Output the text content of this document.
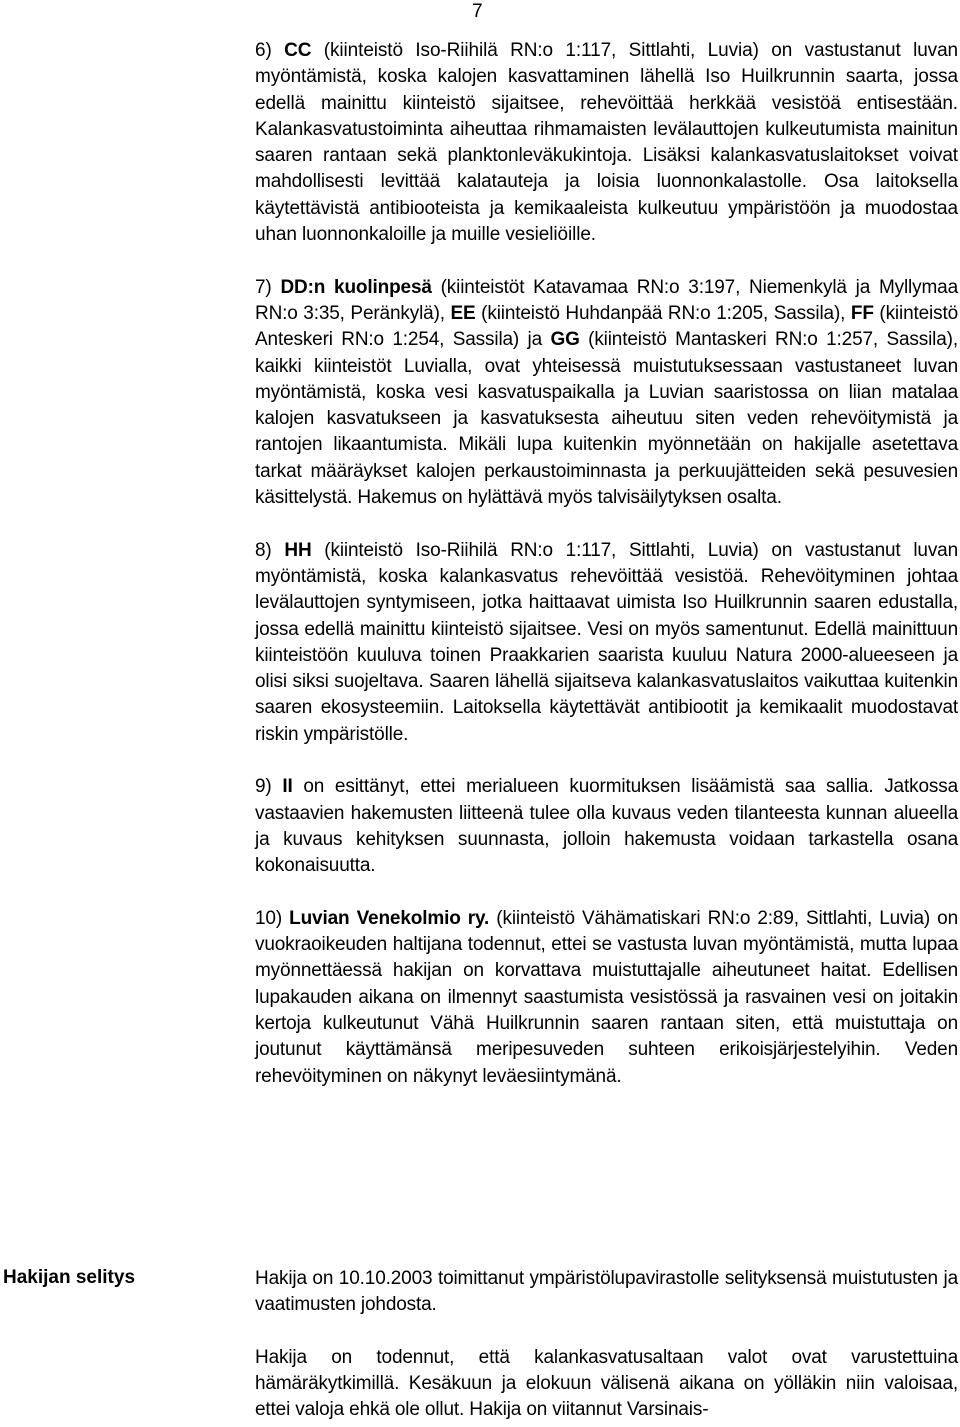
7

6) CC (kiinteistö Iso-Riihilä RN:o 1:117, Sittlahti, Luvia) on vastustanut luvan myöntämistä, koska kalojen kasvattaminen lähellä Iso Huilkrunnin saarta, jossa edellä mainittu kiinteistö sijaitsee, rehevöittää herkkää vesistöä entisestään. Kalankasvatustoiminta aiheuttaa rihmamaisten levälauttojen kulkeutumista mainitun saaren rantaan sekä planktonleväkukintoja. Lisäksi kalankasvatuslaitokset voivat mahdollisesti levittää kalatauteja ja loisia luonnonkalastolle. Osa laitoksella käytettävistä antibiooteista ja kemikaaleista kulkeutuu ympäristöön ja muodostaa uhan luonnonkaloille ja muille vesieliöille.

7) DD:n kuolinpesä (kiinteistöt Katavamaa RN:o 3:197, Niemenkylä ja Myllymaa RN:o 3:35, Peränkylä), EE (kiinteistö Huhdanpää RN:o 1:205, Sassila), FF (kiinteistö Anteskeri RN:o 1:254, Sassila) ja GG (kiinteistö Mantaskeri RN:o 1:257, Sassila), kaikki kiinteistöt Luvialla, ovat yhteisessä muistutuksessaan vastustaneet luvan myöntämistä, koska vesi kasvatuspaikalla ja Luvian saaristossa on liian matalaa kalojen kasvatukseen ja kasvatuksesta aiheutuu siten veden rehevöitymistä ja rantojen likaantumista. Mikäli lupa kuitenkin myönnetään on hakijalle asetettava tarkat määräykset kalojen perkaustoiminnasta ja perkuujätteiden sekä pesuvesien käsittelystä. Hakemus on hylättävä myös talvisäilytyksen osalta.

8) HH (kiinteistö Iso-Riihilä RN:o 1:117, Sittlahti, Luvia) on vastustanut luvan myöntämistä, koska kalankasvatus rehevöittää vesistöä. Rehevöityminen johtaa levälauttojen syntymiseen, jotka haittaavat uimista Iso Huilkrunnin saaren edustalla, jossa edellä mainittu kiinteistö sijaitsee. Vesi on myös samentunut. Edellä mainittuun kiinteistöön kuuluva toinen Praakkarien saarista kuuluu Natura 2000-alueeseen ja olisi siksi suojeltava. Saaren lähellä sijaitseva kalankasvatuslaitos vaikuttaa kuitenkin saaren ekosysteemiin. Laitoksella käytettävät antibiootit ja kemikaalit muodostavat riskin ympäristölle.

9) II on esittänyt, ettei merialueen kuormituksen lisäämistä saa sallia. Jatkossa vastaavien hakemusten liitteenä tulee olla kuvaus veden tilanteesta kunnan alueella ja kuvaus kehityksen suunnasta, jolloin hakemusta voidaan tarkastella osana kokonaisuutta.

10) Luvian Venekolmio ry. (kiinteistö Vähämatiskari RN:o 2:89, Sittlahti, Luvia) on vuokraoikeuden haltijana todennut, ettei se vastusta luvan myöntämistä, mutta lupaa myönnettäessä hakijan on korvattava muistuttajalle aiheutuneet haitat. Edellisen lupakauden aikana on ilmennyt saastumista vesistössä ja rasvainen vesi on joitakin kertoja kulkeutunut Vähä Huilkrunnin saaren rantaan siten, että muistuttaja on joutunut käyttämänsä meripesuveden suhteen erikoisjärjestelyihin. Veden rehevöityminen on näkynyt leväesiintymänä.

Hakijan selitys	Hakija on 10.10.2003 toimittanut ympäristölupavirastolle selityksensä muistutusten ja vaatimusten johdosta.

Hakija on todennut, että kalankasvatusaltaan valot ovat varustettuina hämäräkytkimillä. Kesäkuun ja elokuun välisenä aikana on yölläkin niin valoisaa, ettei valoja ehkä ole ollut. Hakija on viitannut Varsinais-
